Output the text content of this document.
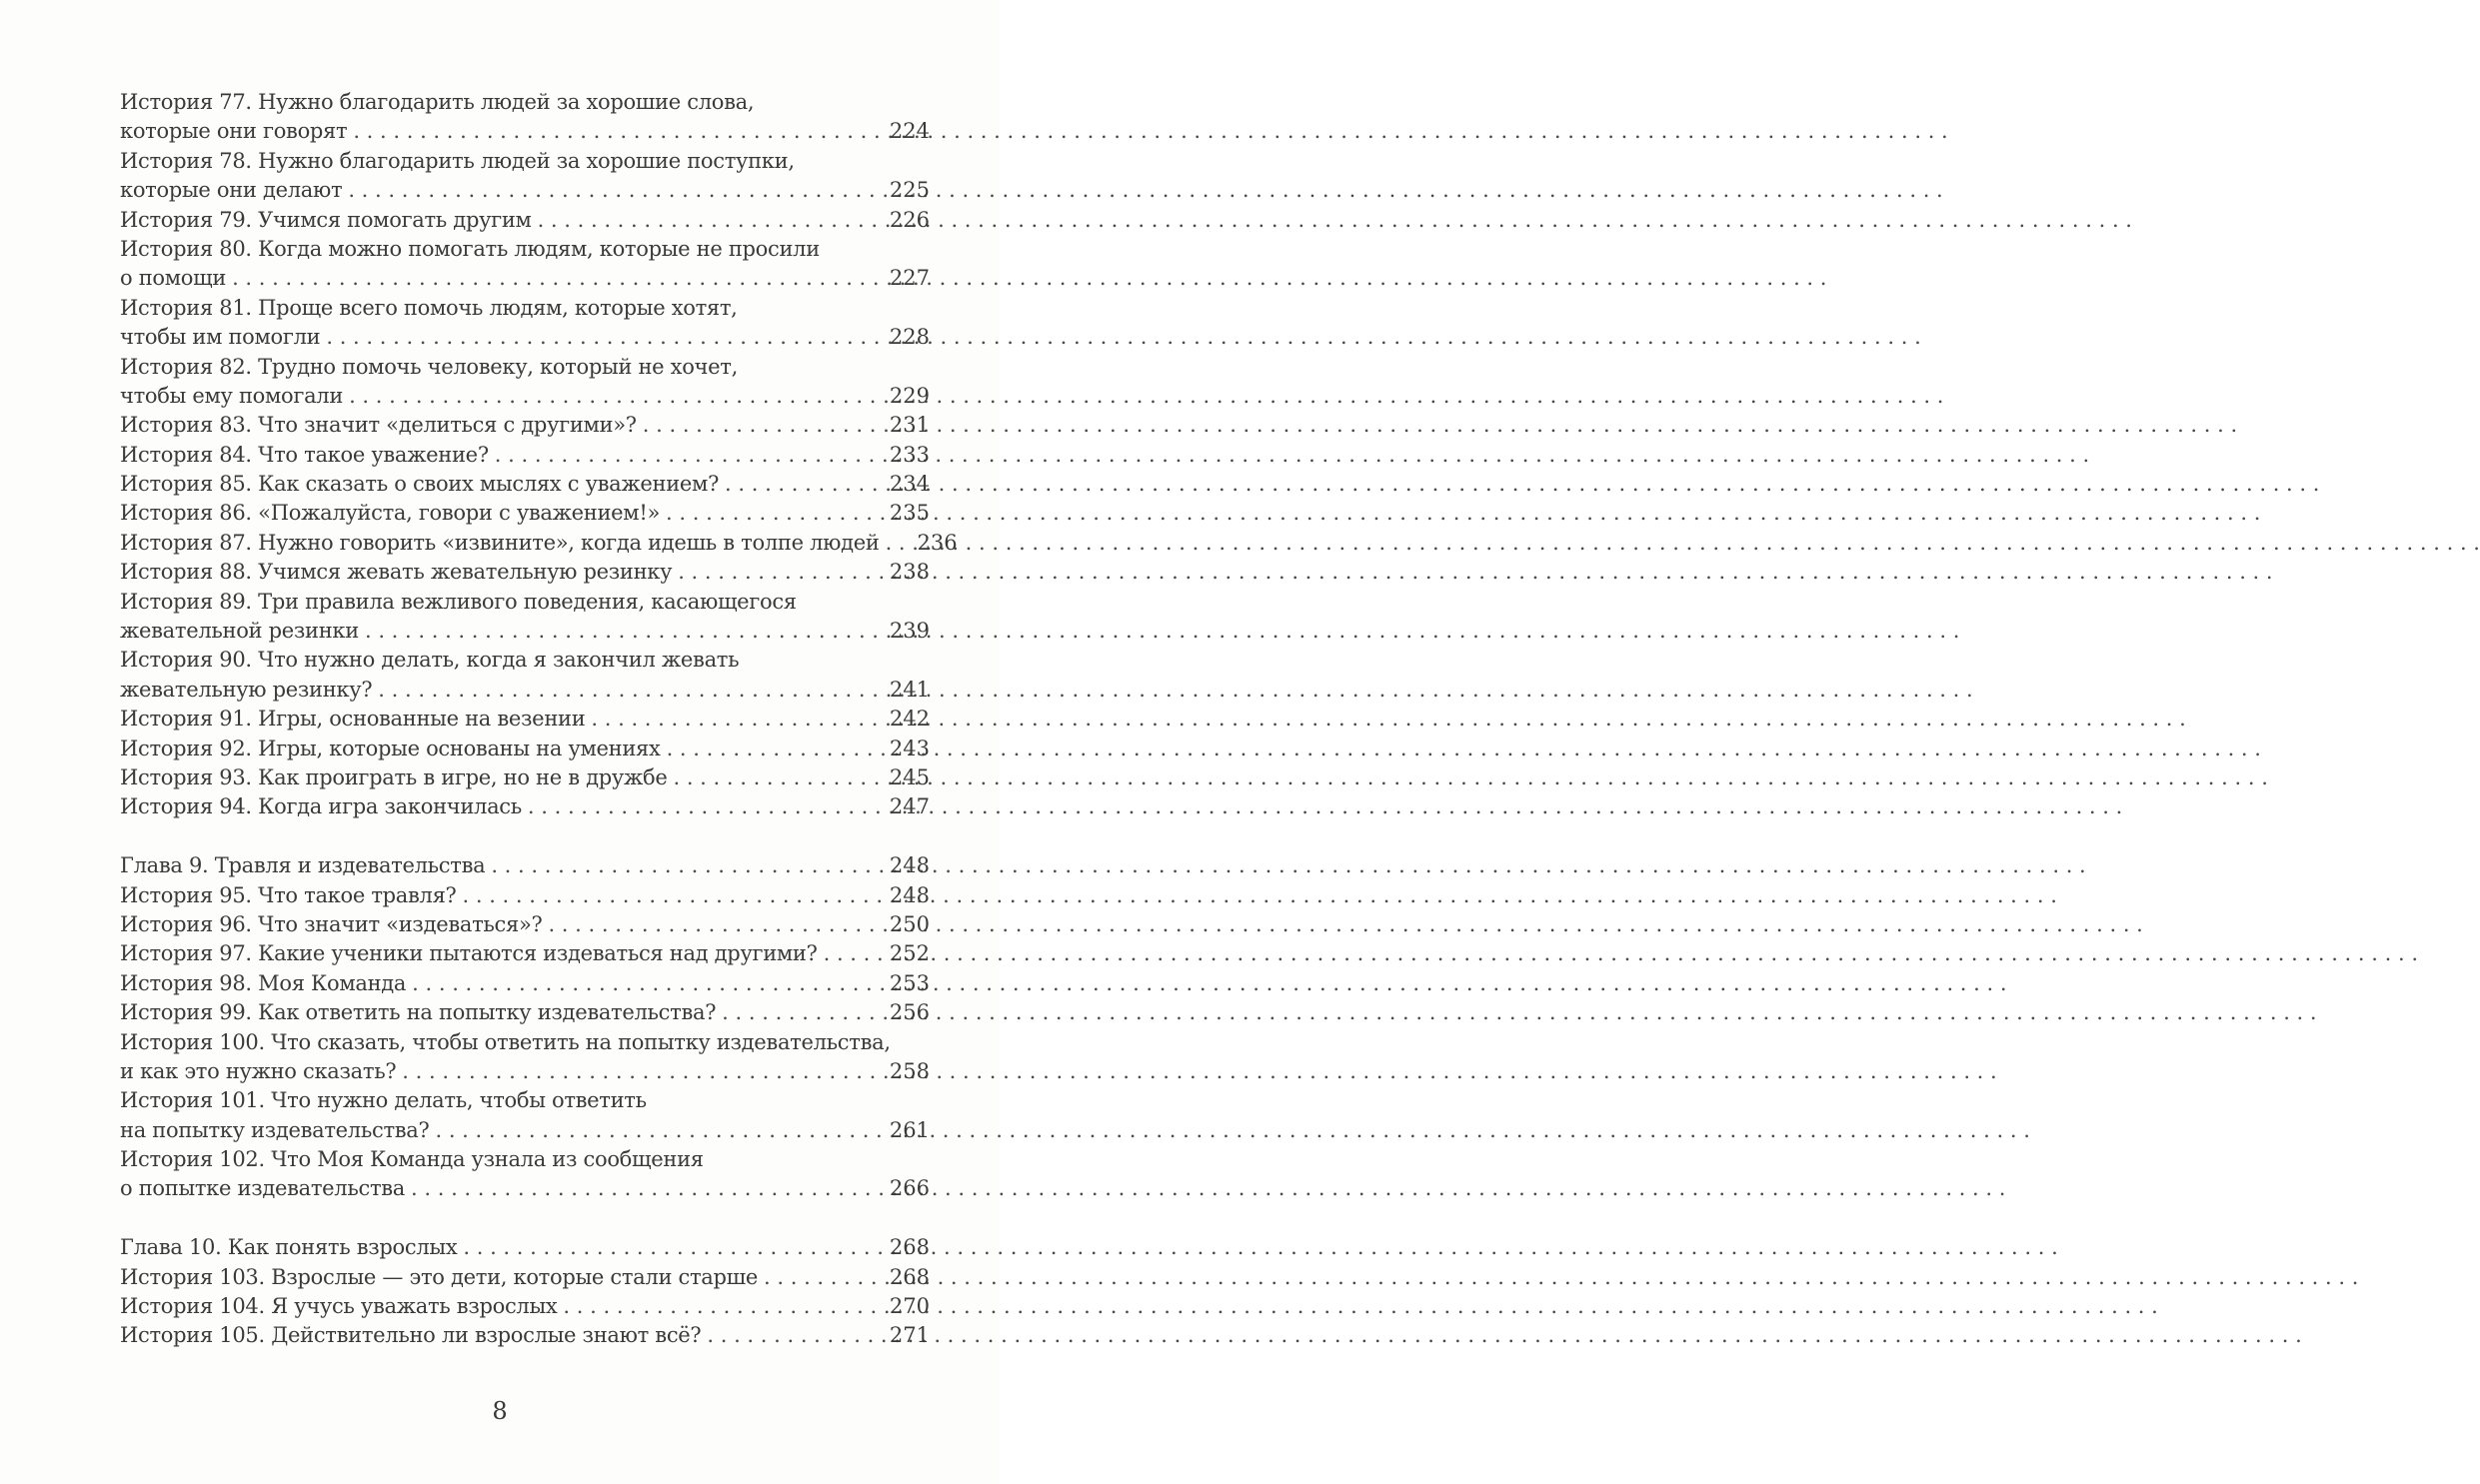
История 77. Нужно благодарить людей за хорошие слова,
которые они говорят . . .	224
История 78. Нужно благодарить людей за хорошие поступки,
которые они делают . . .	225
История 79. Учимся помогать другим . . .	226
История 80. Когда можно помогать людям, которые не просили
о помощи . . .	227
История 81. Проще всего помочь людям, которые хотят,
чтобы им помогли . . .	228
История 82. Трудно помочь человеку, который не хочет,
чтобы ему помогали . . .	229
История 83. Что значит «делиться с другими»? . . .	231
История 84. Что такое уважение? . . .	233
История 85. Как сказать о своих мыслях с уважением? . . .	234
История 86. «Пожалуйста, говори с уважением!» . . .	235
История 87. Нужно говорить «извините», когда идешь в толпе людей . . .	236
История 88. Учимся жевать жевательную резинку . . .	238
История 89. Три правила вежливого поведения, касающегося
жевательной резинки . . .	239
История 90. Что нужно делать, когда я закончил жевать
жевательную резинку? . . .	241
История 91. Игры, основанные на везении . . .	242
История 92. Игры, которые основаны на умениях . . .	243
История 93. Как проиграть в игре, но не в дружбе . . .	245
История 94. Когда игра закончилась . . .	247
Глава 9. Травля и издевательства . . .	248
История 95. Что такое травля? . . .	248
История 96. Что значит «издеваться»? . . .	250
История 97. Какие ученики пытаются издеваться над другими? . . .	252
История 98. Моя Команда . . .	253
История 99. Как ответить на попытку издевательства? . . .	256
История 100. Что сказать, чтобы ответить на попытку издевательства,
и как это нужно сказать? . . .	258
История 101. Что нужно делать, чтобы ответить
на попытку издевательства? . . .	261
История 102. Что Моя Команда узнала из сообщения
о попытке издевательства . . .	266
Глава 10. Как понять взрослых . . .	268
История 103. Взрослые — это дети, которые стали старше . . .	268
История 104. Я учусь уважать взрослых . . .	270
История 105. Действительно ли взрослые знают всё? . . .	271
8
